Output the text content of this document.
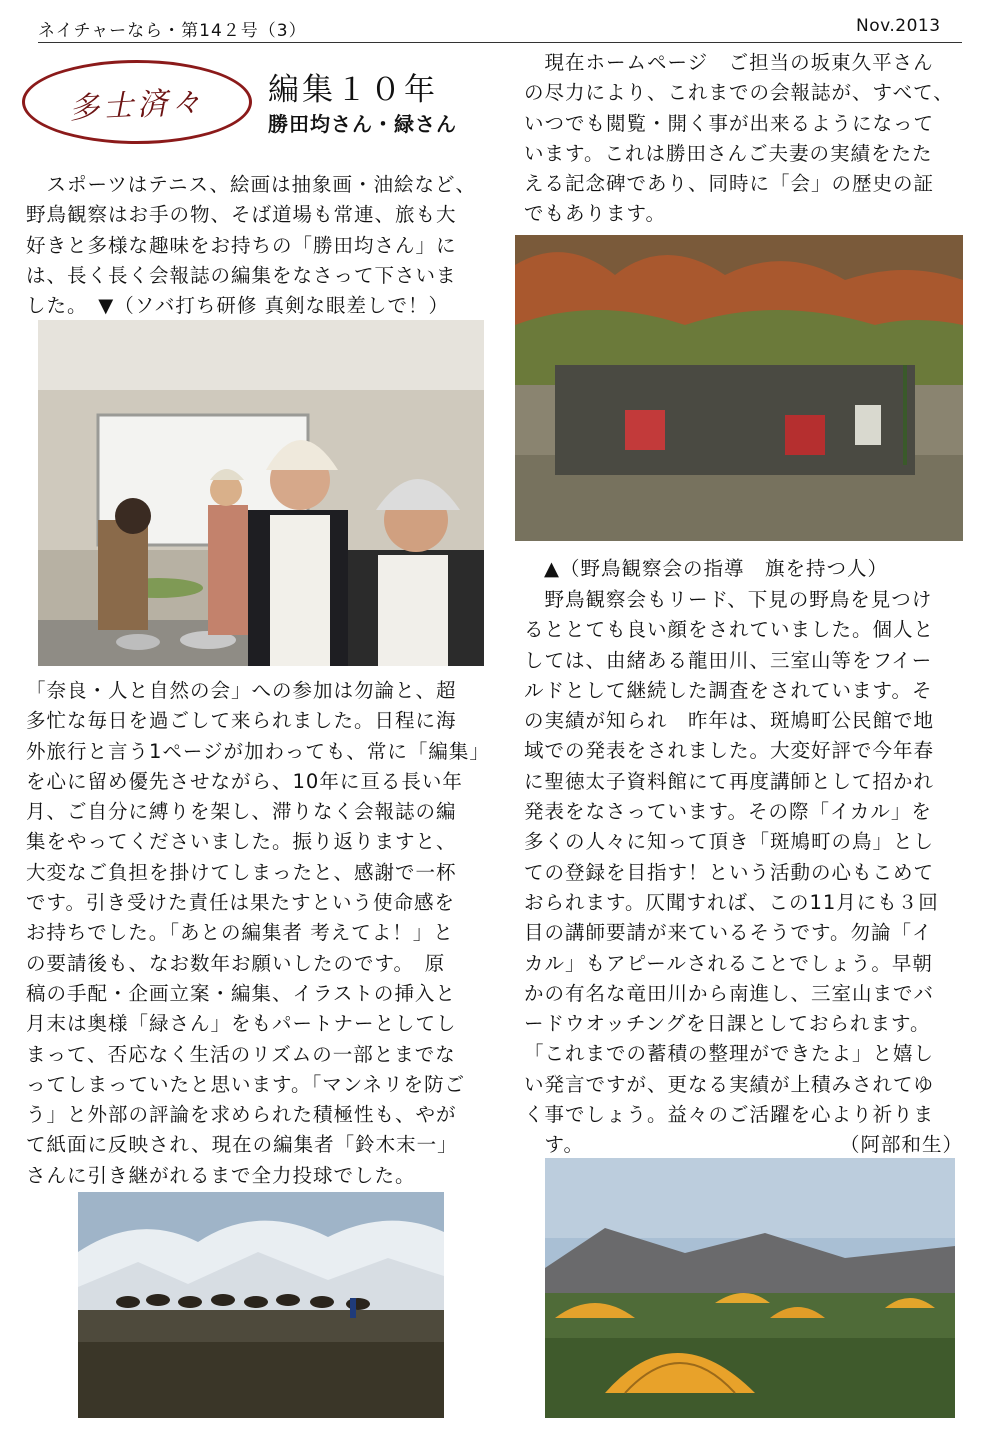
ネイチャーなら・第14２号（3）	Nov.2013
多士済々 編集１０年
勝田均さん・緑さん
　スポーツはテニス、絵画は抽象画・油絵など、
野鳥観察はお手の物、そば道場も常連、旅も大
好きと多様な趣味をお持ちの「勝田均さん」に
は、長く長く会報誌の編集をなさって下さいま
した。　▼（ソバ打ち研修 真剣な眼差しで！）
「奈良・人と自然の会」への参加は勿論と、超
多忙な毎日を過ごして来られました。日程に海
外旅行と言う1ページが加わっても、常に「編集」
を心に留め優先させながら、10年に亘る長い年
月、ご自分に縛りを架し、滞りなく会報誌の編
集をやってくださいました。振り返りますと、
大変なご負担を掛けてしまったと、感謝で一杯
です。引き受けた責任は果たすという使命感を
お持ちでした。「あとの編集者 考えてよ！」と
の要請後も、なお数年お願いしたのです。　原
稿の手配・企画立案・編集、イラストの挿入と
月末は奥様「緑さん」をもパートナーとしてし
まって、否応なく生活のリズムの一部とまでな
ってしまっていたと思います。「マンネリを防ご
う」と外部の評論を求められた積極性も、やが
て紙面に反映され、現在の編集者「鈴木末一」
さんに引き継がれるまで全力投球でした。
　現在ホームページ　ご担当の坂東久平さん
の尽力により、これまでの会報誌が、すべて、
いつでも閲覧・開く事が出来るようになって
います。これは勝田さんご夫妻の実績をたた
える記念碑であり、同時に「会」の歴史の証
でもあります。
▲（野鳥観察会の指導　旗を持つ人）
　野鳥観察会もリード、下見の野鳥を見つけ
るととても良い顔をされていました。個人と
しては、由緒ある龍田川、三室山等をフイー
ルドとして継続した調査をされています。そ
の実績が知られ　昨年は、斑鳩町公民館で地
域での発表をされました。大変好評で今年春
に聖徳太子資料館にて再度講師として招かれ
発表をなさっています。その際「イカル」を
多くの人々に知って頂き「斑鳩町の鳥」とし
ての登録を目指す！という活動の心もこめて
おられます。仄聞すれば、この11月にも３回
目の講師要請が来ているそうです。勿論「イ
カル」もアピールされることでしょう。早朝
かの有名な竜田川から南進し、三室山までバ
ードウオッチングを日課としておられます。
「これまでの蓄積の整理ができたよ」と嬉し
い発言ですが、更なる実績が上積みされてゆ
く事でしょう。益々のご活躍を心より祈りま
　す。	（阿部和生）
